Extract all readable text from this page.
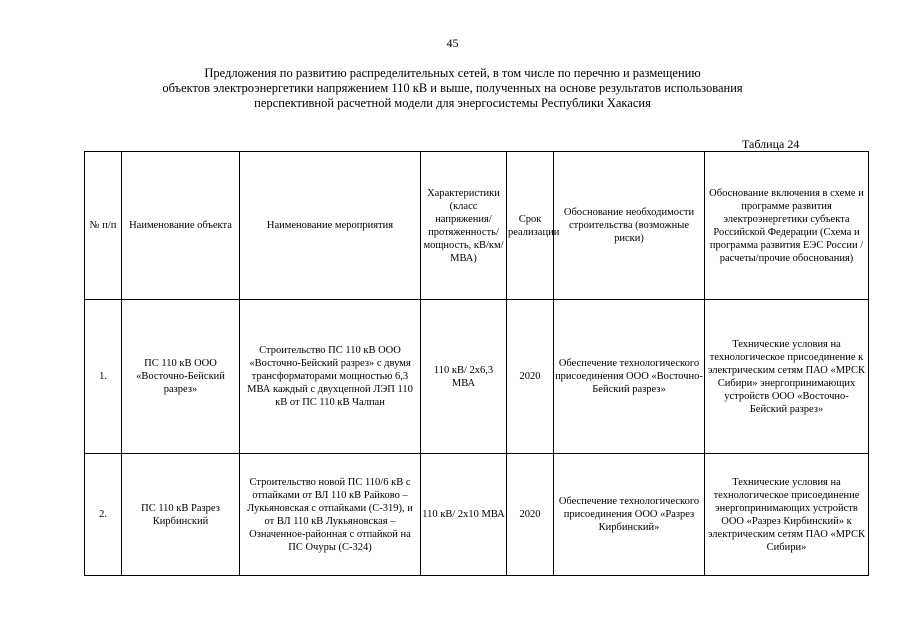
45
Предложения по развитию распределительных сетей, в том числе по перечню и размещению
объектов электроэнергетики напряжением 110 кВ и выше, полученных на основе результатов использования
перспективной расчетной модели для энергосистемы Республики Хакасия
Таблица 24
№ п/п	Наименование объекта	Наименование мероприятия	Характеристики (класс напряжения/ протяженность/ мощность, кВ/км/МВА)	Срок реализации	Обоснование необходимости строительства (возможные риски)	Обоснование включения в схеме и программе развития электроэнергетики субъекта Российской Федерации (Схема и программа развития ЕЭС России /расчеты/прочие обоснования)
1.	ПС 110 кВ ООО «Восточно-Бейский разрез»	Строительство ПС 110 кВ ООО «Восточно-Бейский разрез» с двумя трансформаторами мощностью 6,3 МВА каждый с двухцепной ЛЭП 110 кВ от ПС 110 кВ Чалпан	110 кВ/ 2х6,3 МВА	2020	Обеспечение технологического присоединения ООО «Восточно-Бейский разрез»	Технические условия на технологическое присоединение к электрическим сетям ПАО «МРСК Сибири» энергопринимающих устройств ООО «Восточно-Бейский разрез»
2.	ПС 110 кВ Разрез Кирбинский	Строительство новой ПС 110/6 кВ с отпайками от ВЛ 110 кВ Райково – Лукьяновская с отпайками (С-319), и от ВЛ 110 кВ Лукьяновская – Означенное-районная с отпайкой на ПС Очуры (С-324)	110 кВ/ 2х10 МВА	2020	Обеспечение технологического присоединения ООО «Разрез Кирбинский»	Технические условия на технологическое присоединение энергопринимающих устройств ООО «Разрез Кирбинский» к электрическим сетям ПАО «МРСК Сибири»
